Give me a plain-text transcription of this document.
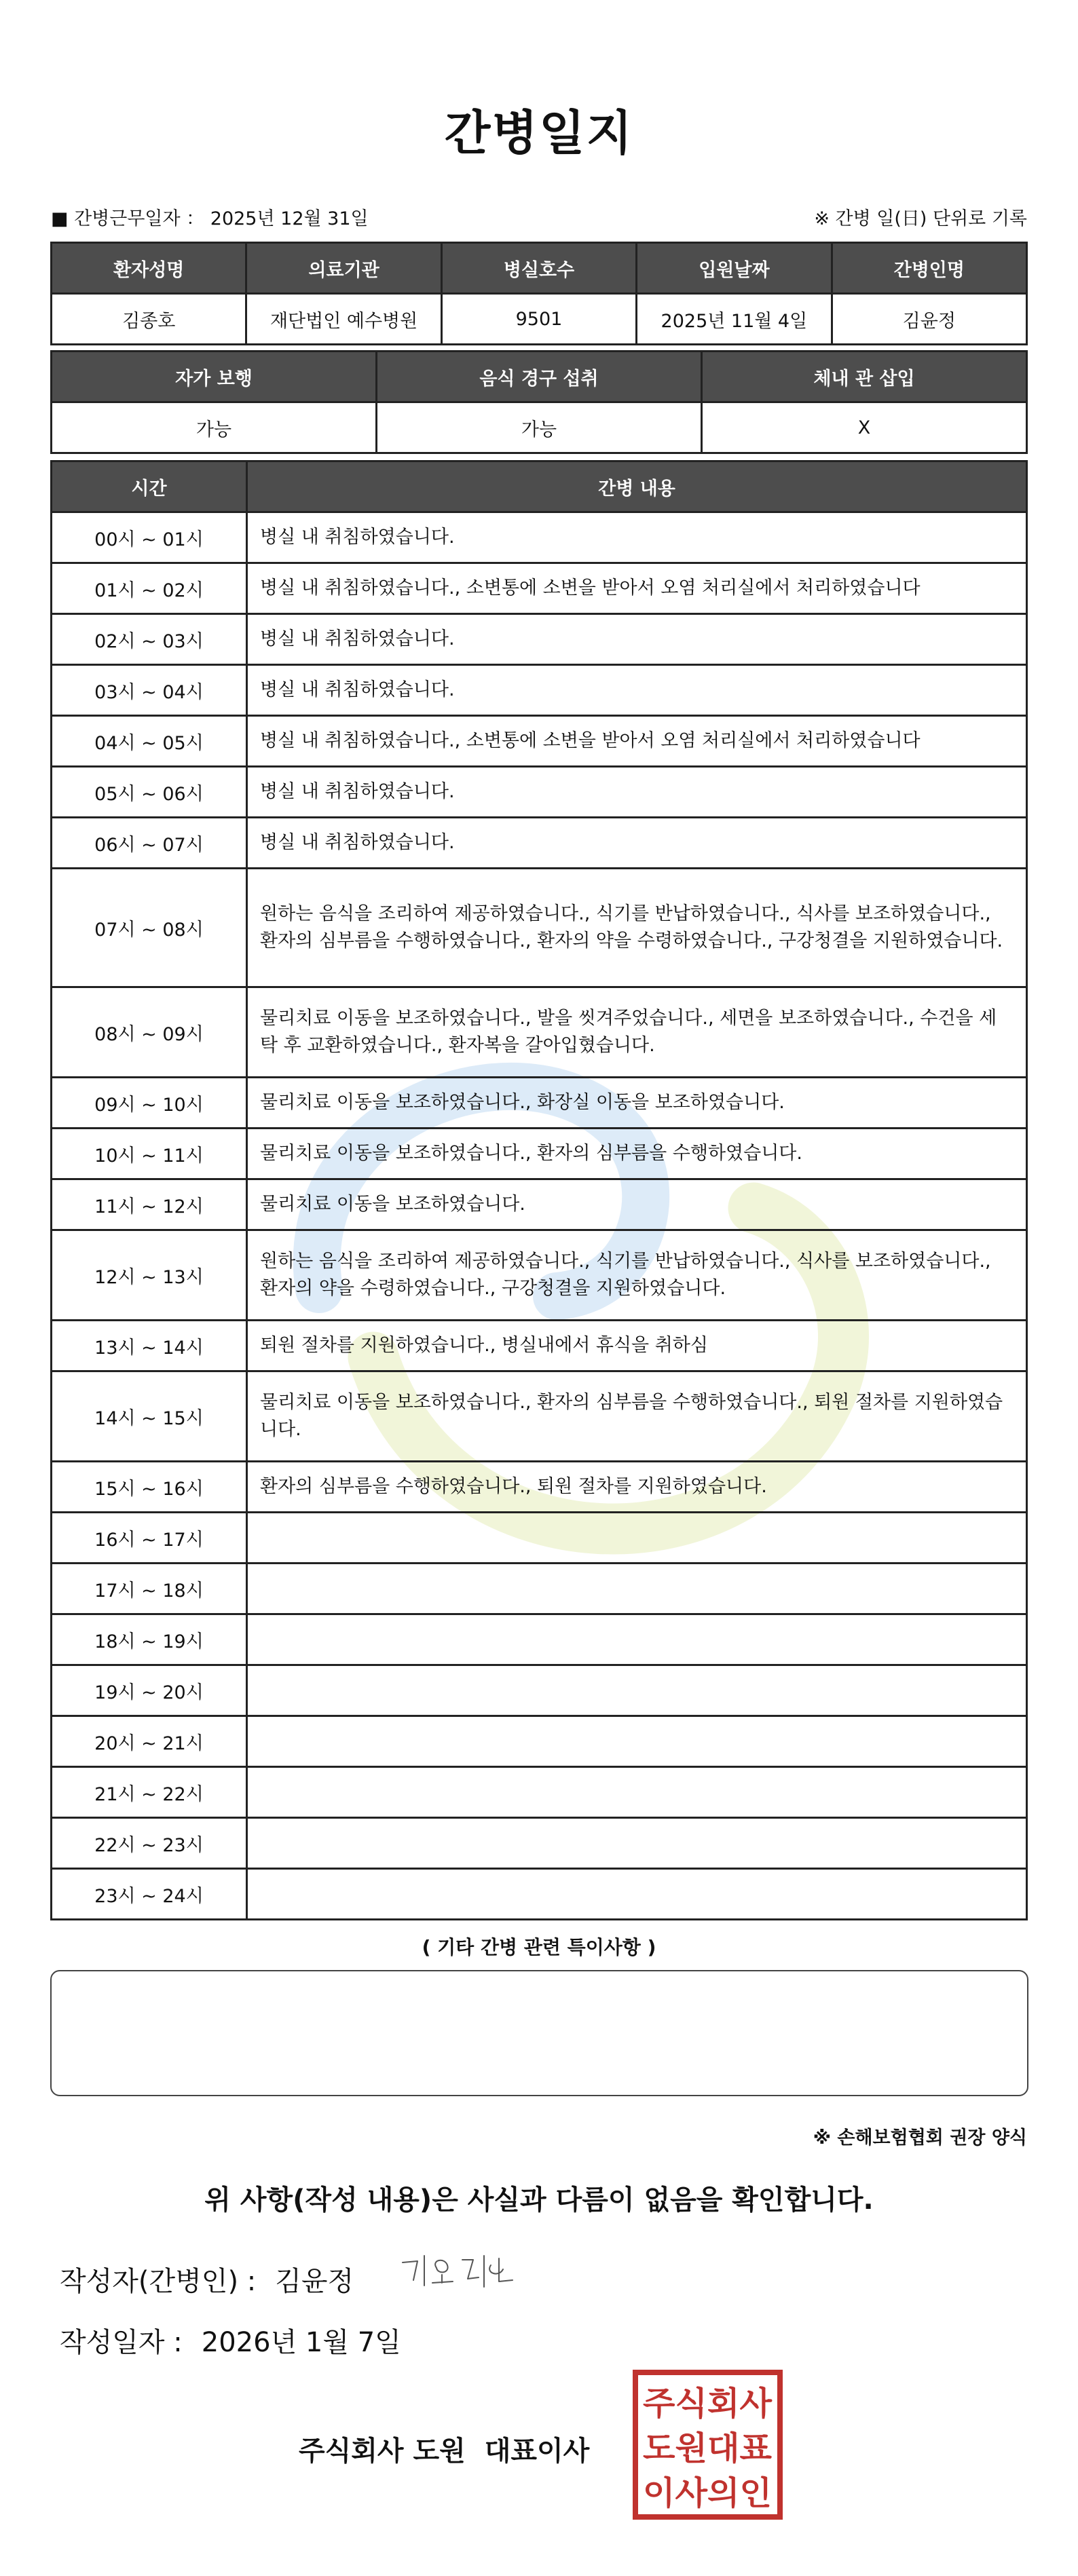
간병일지
■ 간병근무일자 ： 2025년 12월 31일	※ 간병 일(日) 단위로 기록
환자성명	의료기관	병실호수	입원날짜	간병인명
김종호	재단법인 예수병원	9501	2025년 11월 4일	김윤정
자가 보행	음식 경구 섭취	체내 관 삽입
가능	가능	X
시간	간병 내용
00시 ~ 01시	병실 내 취침하였습니다.
01시 ~ 02시	병실 내 취침하였습니다., 소변통에 소변을 받아서 오염 처리실에서 처리하였습니다
02시 ~ 03시	병실 내 취침하였습니다.
03시 ~ 04시	병실 내 취침하였습니다.
04시 ~ 05시	병실 내 취침하였습니다., 소변통에 소변을 받아서 오염 처리실에서 처리하였습니다
05시 ~ 06시	병실 내 취침하였습니다.
06시 ~ 07시	병실 내 취침하였습니다.
07시 ~ 08시	원하는 음식을 조리하여 제공하였습니다., 식기를 반납하였습니다., 식사를 보조하였습니다., 환자의 심부름을 수행하였습니다., 환자의 약을 수령하였습니다., 구강청결을 지원하였습니다.
08시 ~ 09시	물리치료 이동을 보조하였습니다., 발을 씻겨주었습니다., 세면을 보조하였습니다., 수건을 세탁 후 교환하였습니다., 환자복을 갈아입혔습니다.
09시 ~ 10시	물리치료 이동을 보조하였습니다., 화장실 이동을 보조하였습니다.
10시 ~ 11시	물리치료 이동을 보조하였습니다., 환자의 심부름을 수행하였습니다.
11시 ~ 12시	물리치료 이동을 보조하였습니다.
12시 ~ 13시	원하는 음식을 조리하여 제공하였습니다., 식기를 반납하였습니다., 식사를 보조하였습니다., 환자의 약을 수령하였습니다., 구강청결을 지원하였습니다.
13시 ~ 14시	퇴원 절차를 지원하였습니다., 병실내에서 휴식을 취하심
14시 ~ 15시	물리치료 이동을 보조하였습니다., 환자의 심부름을 수행하였습니다., 퇴원 절차를 지원하였습니다.
15시 ~ 16시	환자의 심부름을 수행하였습니다., 퇴원 절차를 지원하였습니다.
16시 ~ 17시	
17시 ~ 18시	
18시 ~ 19시	
19시 ~ 20시	
20시 ~ 21시	
21시 ~ 22시	
22시 ~ 23시	
23시 ~ 24시	
( 기타 간병 관련 특이사항 )
※ 손해보험협회 권장 양식
위 사항(작성 내용)은 사실과 다름이 없음을 확인합니다.
작성자(간병인) : 김윤정
작성일자 : 2026년 1월 7일
주식회사 도원 대표이사
주식회사
도원대표
이사의인
